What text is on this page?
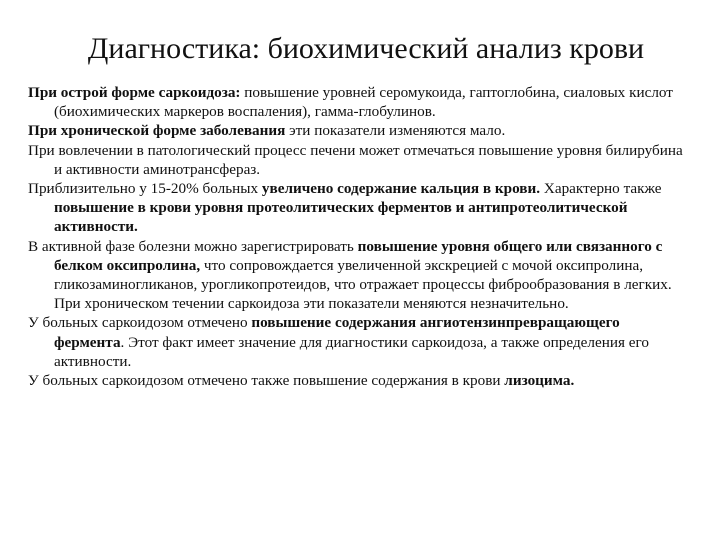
Диагностика: биохимический анализ крови

При острой форме саркоидоза: повышение уровней серомукоида, гаптоглобина, сиаловых кислот (биохимических маркеров воспаления), гамма-глобулинов.

При хронической форме заболевания эти показатели изменяются мало.

При вовлечении в патологический процесс печени может отмечаться повышение уровня билирубина и активности аминотрансфераз.

Приблизительно у 15-20% больных увеличено содержание кальция в крови. Характерно также повышение в крови уровня протеолитических ферментов и антипротеолитической активности.

В активной фазе болезни можно зарегистрировать повышение уровня общего или связанного с белком оксипролина, что сопровождается увеличенной экскрецией с мочой оксипролина, гликозаминогликанов, урогликопротеидов, что отражает процессы фиброобразования в легких. При хроническом течении саркоидоза эти показатели меняются незначительно.

У больных саркоидозом отмечено повышение содержания ангиотензинпревращающего фермента. Этот факт имеет значение для диагностики саркоидоза, а также определения его активности.

У больных саркоидозом отмечено также повышение содержания в крови лизоцима.
